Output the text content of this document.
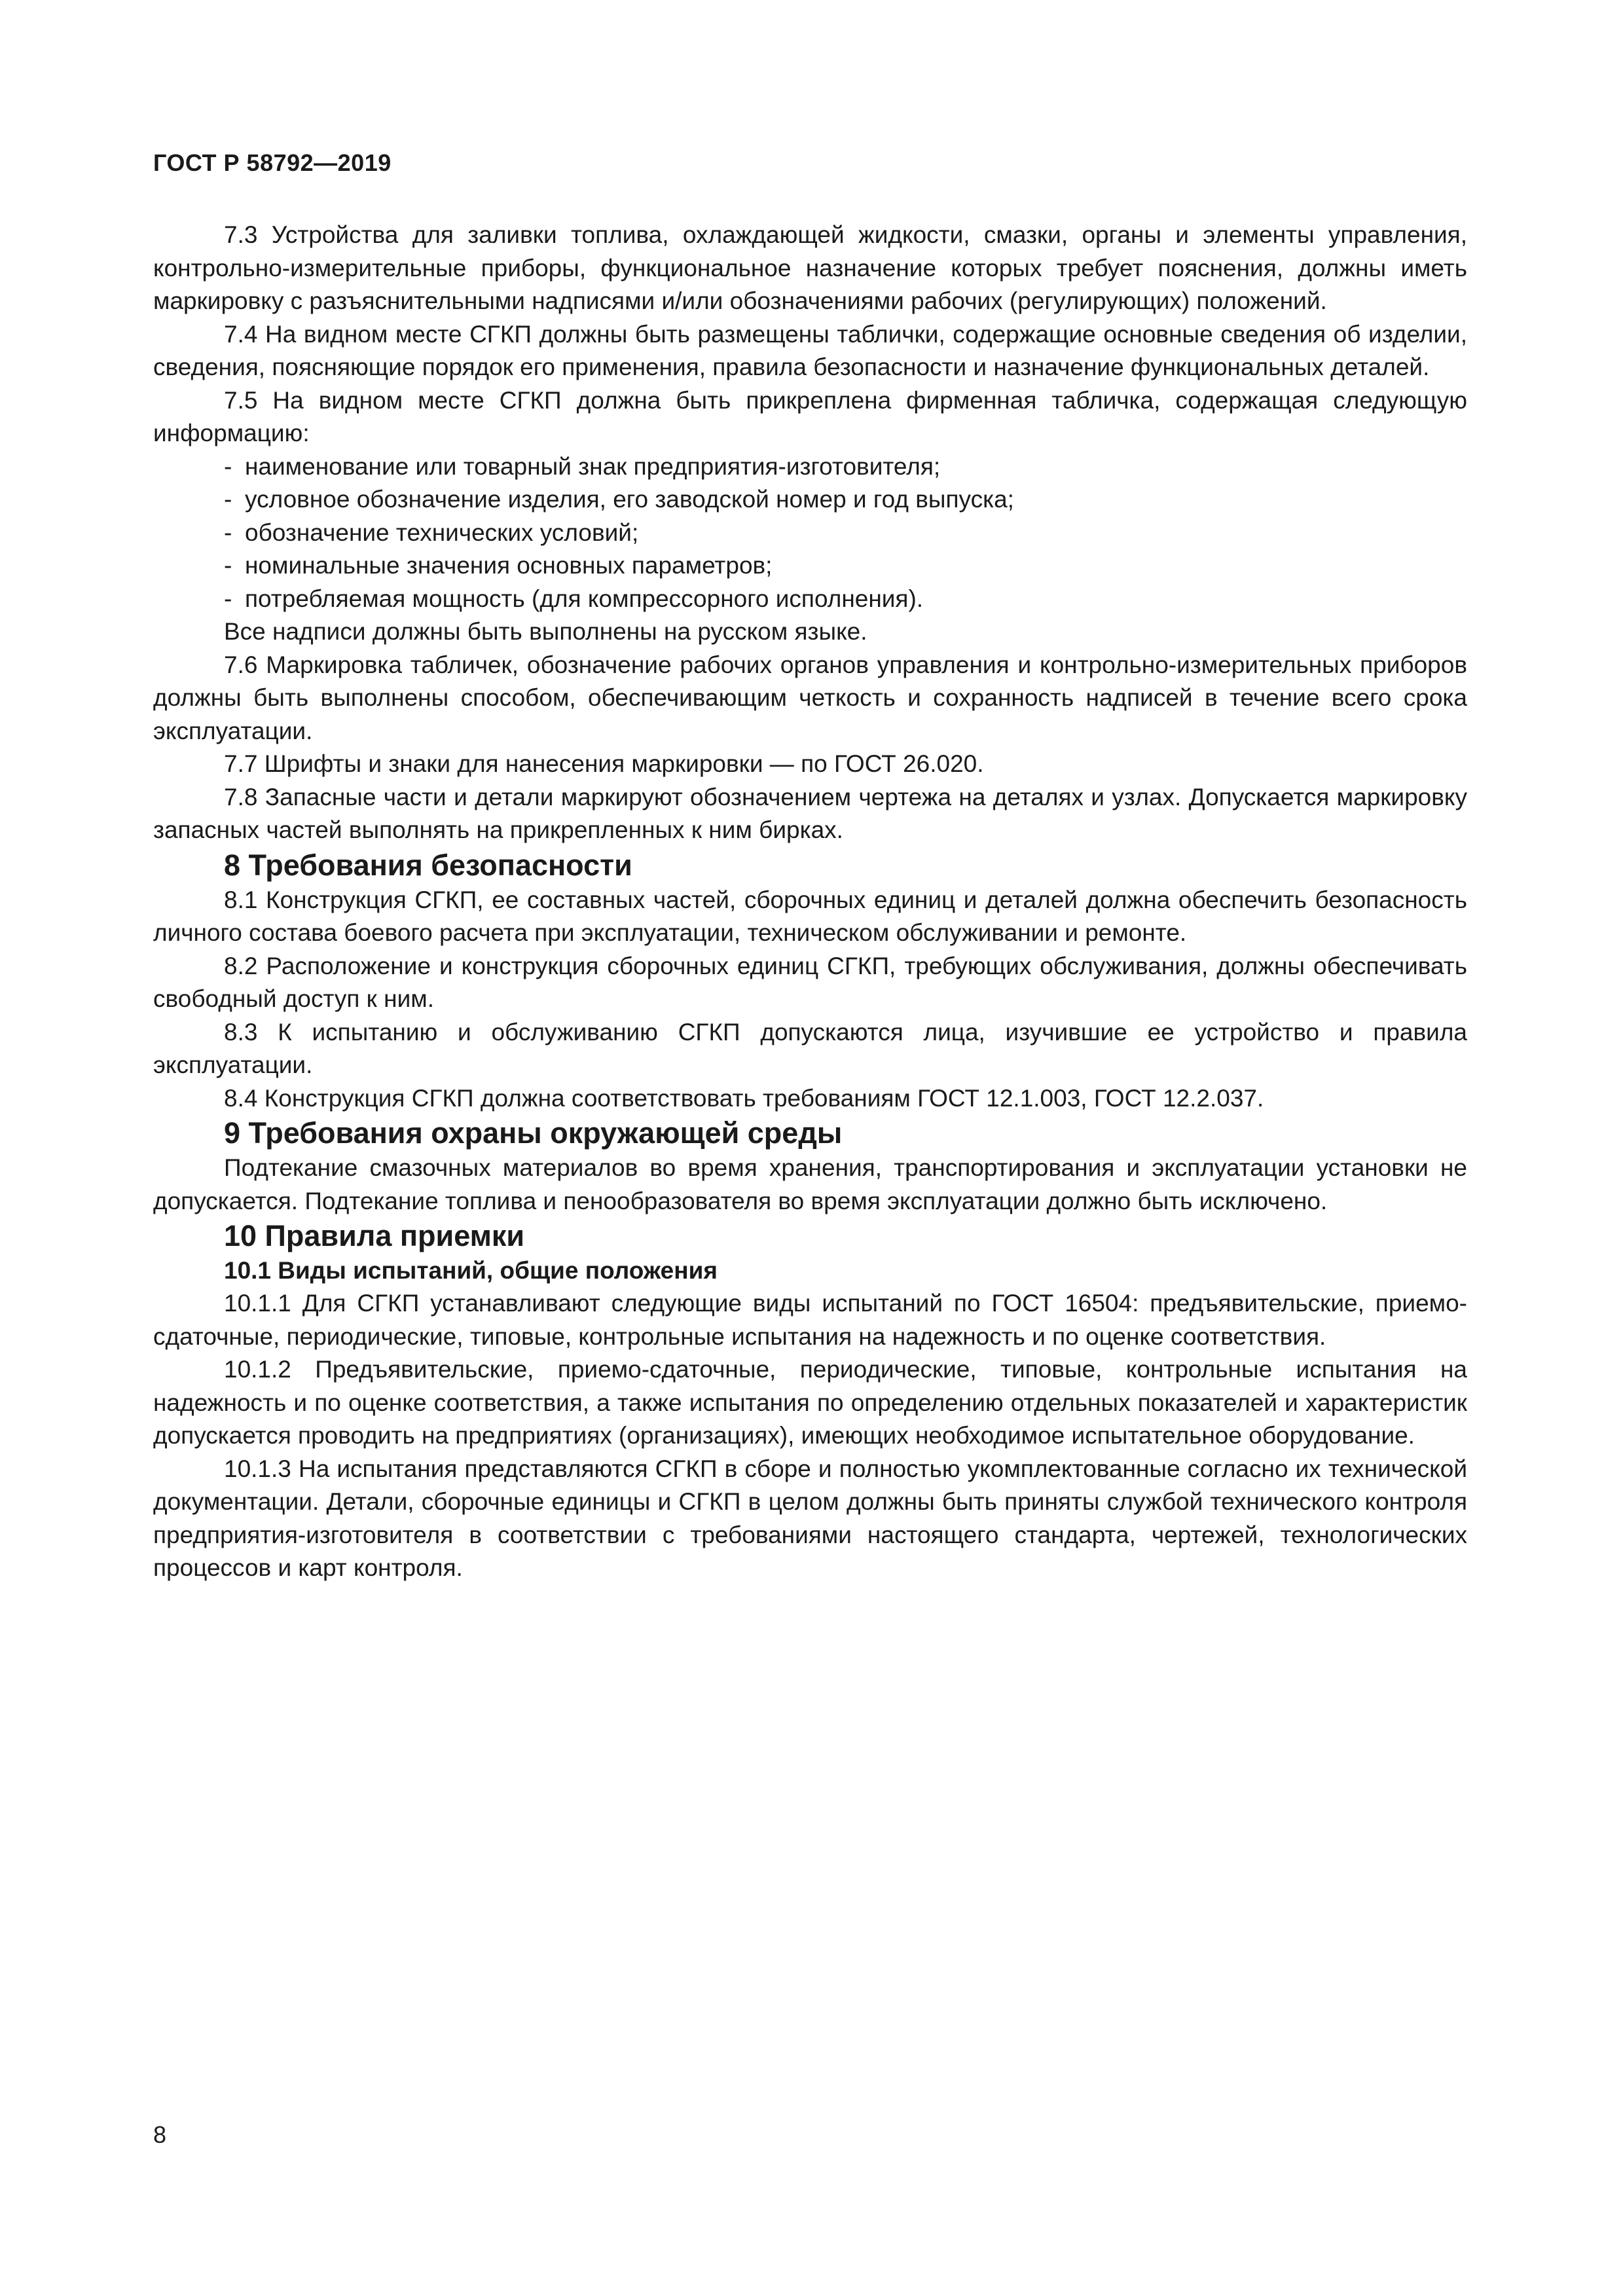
ГОСТ Р 58792—2019

7.3 Устройства для заливки топлива, охлаждающей жидкости, смазки, органы и элементы управления, контрольно-измерительные приборы, функциональное назначение которых требует пояснения, должны иметь маркировку с разъяснительными надписями и/или обозначениями рабочих (регулирующих) положений.

7.4 На видном месте СГКП должны быть размещены таблички, содержащие основные сведения об изделии, сведения, поясняющие порядок его применения, правила безопасности и назначение функциональных деталей.

7.5 На видном месте СГКП должна быть прикреплена фирменная табличка, содержащая следующую информацию:

- наименование или товарный знак предприятия-изготовителя;
- условное обозначение изделия, его заводской номер и год выпуска;
- обозначение технических условий;
- номинальные значения основных параметров;
- потребляемая мощность (для компрессорного исполнения).

Все надписи должны быть выполнены на русском языке.

7.6 Маркировка табличек, обозначение рабочих органов управления и контрольно-измерительных приборов должны быть выполнены способом, обеспечивающим четкость и сохранность надписей в течение всего срока эксплуатации.

7.7 Шрифты и знаки для нанесения маркировки — по ГОСТ 26.020.

7.8 Запасные части и детали маркируют обозначением чертежа на деталях и узлах. Допускается маркировку запасных частей выполнять на прикрепленных к ним бирках.

8 Требования безопасности

8.1 Конструкция СГКП, ее составных частей, сборочных единиц и деталей должна обеспечить безопасность личного состава боевого расчета при эксплуатации, техническом обслуживании и ремонте.

8.2 Расположение и конструкция сборочных единиц СГКП, требующих обслуживания, должны обеспечивать свободный доступ к ним.

8.3 К испытанию и обслуживанию СГКП допускаются лица, изучившие ее устройство и правила эксплуатации.

8.4 Конструкция СГКП должна соответствовать требованиям ГОСТ 12.1.003, ГОСТ 12.2.037.

9 Требования охраны окружающей среды

Подтекание смазочных материалов во время хранения, транспортирования и эксплуатации установки не допускается. Подтекание топлива и пенообразователя во время эксплуатации должно быть исключено.

10 Правила приемки
10.1 Виды испытаний, общие положения

10.1.1 Для СГКП устанавливают следующие виды испытаний по ГОСТ 16504: предъявительские, приемо-сдаточные, периодические, типовые, контрольные испытания на надежность и по оценке соответствия.

10.1.2 Предъявительские, приемо-сдаточные, периодические, типовые, контрольные испытания на надежность и по оценке соответствия, а также испытания по определению отдельных показателей и характеристик допускается проводить на предприятиях (организациях), имеющих необходимое испытательное оборудование.

10.1.3 На испытания представляются СГКП в сборе и полностью укомплектованные согласно их технической документации. Детали, сборочные единицы и СГКП в целом должны быть приняты службой технического контроля предприятия-изготовителя в соответствии с требованиями настоящего стандарта, чертежей, технологических процессов и карт контроля.

8
